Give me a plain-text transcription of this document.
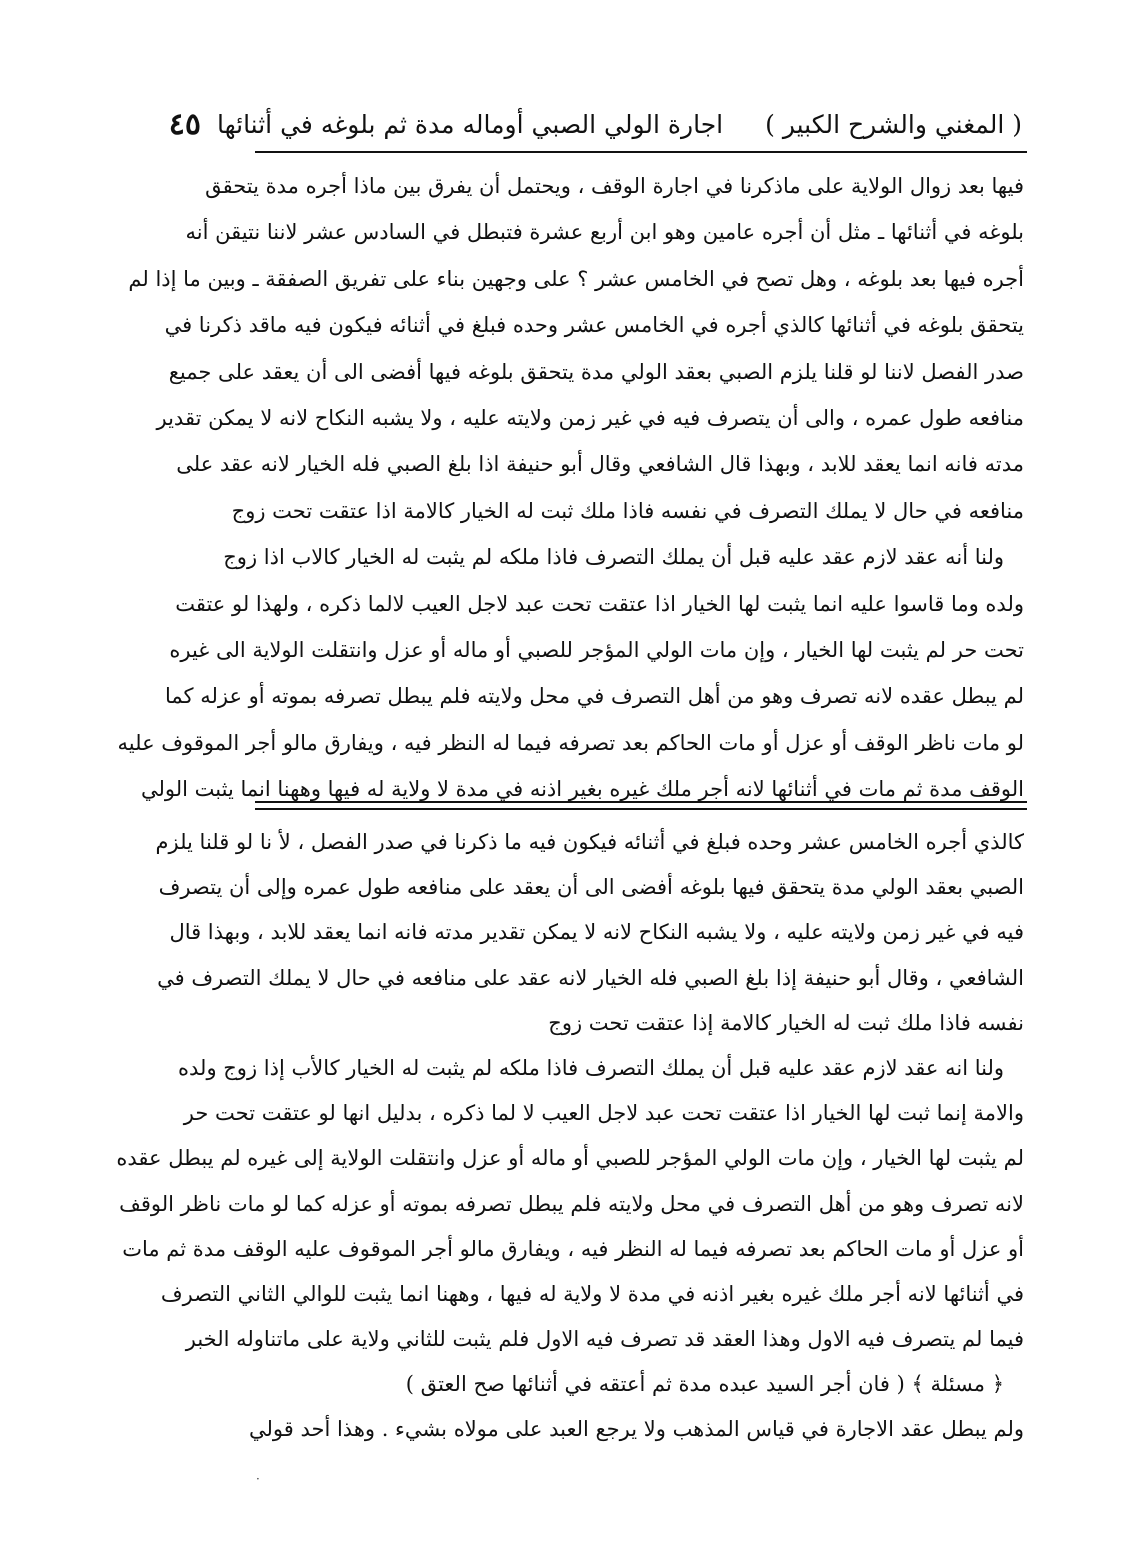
( المغني والشرح الكبير )
اجارة الولي الصبي أوماله مدة ثم بلوغه في أثنائها
٤٥
فيها بعد زوال الولاية على ماذكرنا في اجارة الوقف ، ويحتمل أن يفرق بين ماذا أجره مدة يتحقق
بلوغه في أثنائها ـ مثل أن أجره عامين وهو ابن أربع عشرة فتبطل في السادس عشر لاننا نتيقن أنه
أجره فيها بعد بلوغه ، وهل تصح في الخامس عشر ؟ على وجهين بناء على تفريق الصفقة ـ وبين ما إذا لم
يتحقق بلوغه في أثنائها كالذي أجره في الخامس عشر وحده فبلغ في أثنائه فيكون فيه ماقد ذكرنا في
صدر الفصل لاننا لو قلنا يلزم الصبي بعقد الولي مدة يتحقق بلوغه فيها أفضى الى أن يعقد على جميع
منافعه طول عمره ، والى أن يتصرف فيه في غير زمن ولايته عليه ، ولا يشبه النكاح لانه لا يمكن تقدير
مدته فانه انما يعقد للابد ، وبهذا قال الشافعي وقال أبو حنيفة اذا بلغ الصبي فله الخيار لانه عقد على
منافعه في حال لا يملك التصرف في نفسه فاذا ملك ثبت له الخيار كالامة اذا عتقت تحت زوج
ولنا أنه عقد لازم عقد عليه قبل أن يملك التصرف فاذا ملكه لم يثبت له الخيار كالاب اذا زوج
ولده وما قاسوا عليه انما يثبت لها الخيار اذا عتقت تحت عبد لاجل العيب لالما ذكره ، ولهذا لو عتقت
تحت حر لم يثبت لها الخيار ، وإن مات الولي المؤجر للصبي أو ماله أو عزل وانتقلت الولاية الى غيره
لم يبطل عقده لانه تصرف وهو من أهل التصرف في محل ولايته فلم يبطل تصرفه بموته أو عزله كما
لو مات ناظر الوقف أو عزل أو مات الحاكم بعد تصرفه فيما له النظر فيه ، ويفارق مالو أجر الموقوف عليه
الوقف مدة ثم مات في أثنائها لانه أجر ملك غيره بغير اذنه في مدة لا ولاية له فيها وههنا انما يثبت الولي
كالذي أجره الخامس عشر وحده فبلغ في أثنائه فيكون فيه ما ذكرنا في صدر الفصل ، لأ نا لو قلنا يلزم
الصبي بعقد الولي مدة يتحقق فيها بلوغه أفضى الى أن يعقد على منافعه طول عمره وإلى أن يتصرف
فيه في غير زمن ولايته عليه ، ولا يشبه النكاح لانه لا يمكن تقدير مدته فانه انما يعقد للابد ، وبهذا قال
الشافعي ، وقال أبو حنيفة إذا بلغ الصبي فله الخيار لانه عقد على منافعه في حال لا يملك التصرف في
نفسه فاذا ملك ثبت له الخيار كالامة إذا عتقت تحت زوج
ولنا انه عقد لازم عقد عليه قبل أن يملك التصرف فاذا ملكه لم يثبت له الخيار كالأب إذا زوج ولده
والامة إنما ثبت لها الخيار اذا عتقت تحت عبد لاجل العيب لا لما ذكره ، بدليل انها لو عتقت تحت حر
لم يثبت لها الخيار ، وإن مات الولي المؤجر للصبي أو ماله أو عزل وانتقلت الولاية إلى غيره لم يبطل عقده
لانه تصرف وهو من أهل التصرف في محل ولايته فلم يبطل تصرفه بموته أو عزله كما لو مات ناظر الوقف
أو عزل أو مات الحاكم بعد تصرفه فيما له النظر فيه ، ويفارق مالو أجر الموقوف عليه الوقف مدة ثم مات
في أثنائها لانه أجر ملك غيره بغير اذنه في مدة لا ولاية له فيها ، وههنا انما يثبت للوالي الثاني التصرف
فيما لم يتصرف فيه الاول وهذا العقد قد تصرف فيه الاول فلم يثبت للثاني ولاية على ماتناوله الخبر
﴿ مسئلة ﴾ ( فان أجر السيد عبده مدة ثم أعتقه في أثنائها صح العتق )
ولم يبطل عقد الاجارة في قياس المذهب ولا يرجع العبد على مولاه بشيء . وهذا أحد قولي
·
